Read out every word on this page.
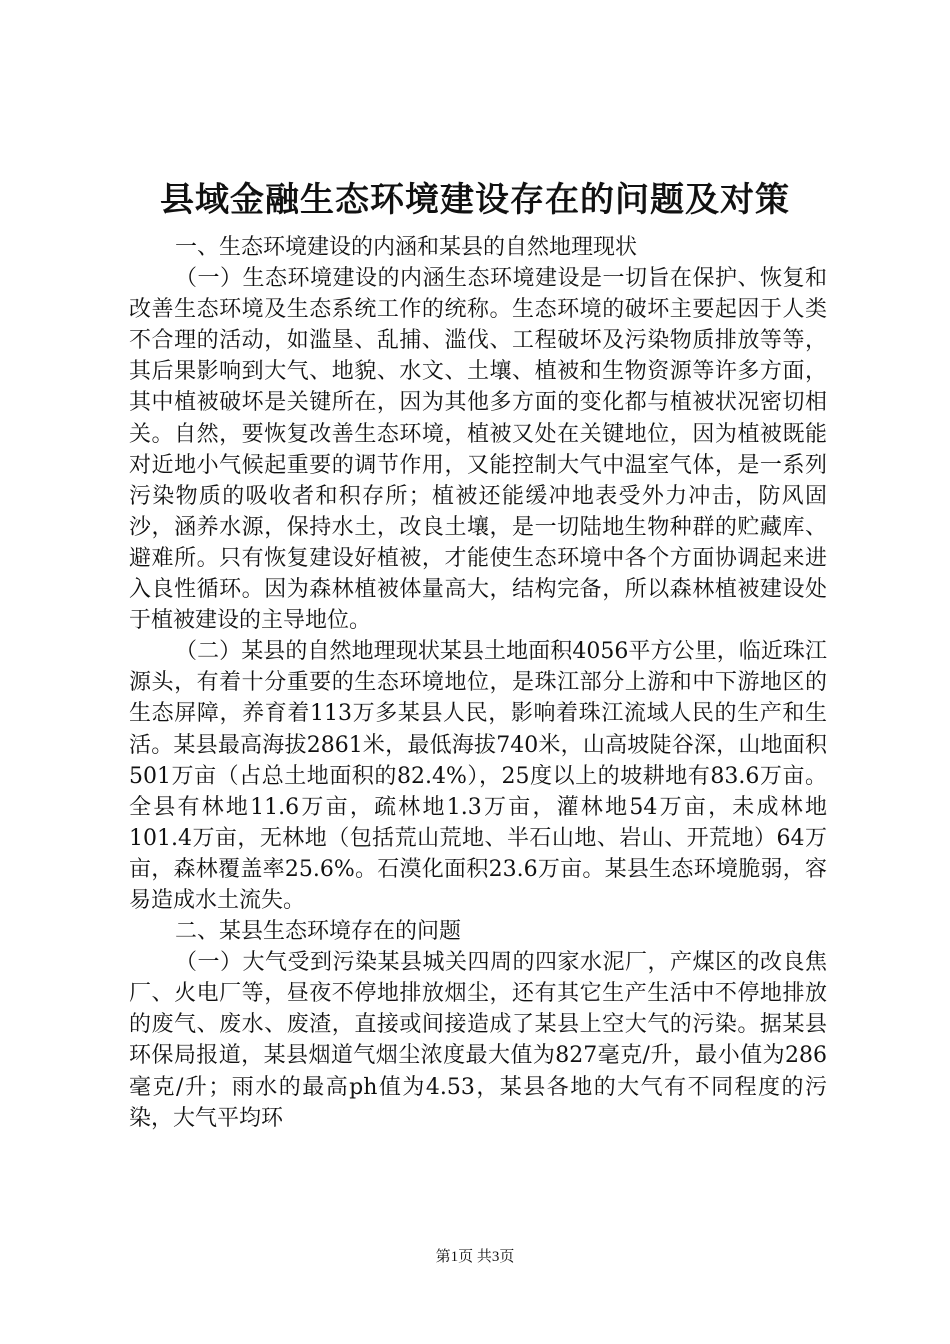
县域金融生态环境建设存在的问题及对策

一、生态环境建设的内涵和某县的自然地理现状

（一）生态环境建设的内涵生态环境建设是一切旨在保护、恢复和改善生态环境及生态系统工作的统称。生态环境的破坏主要起因于人类不合理的活动，如滥垦、乱捕、滥伐、工程破坏及污染物质排放等等，其后果影响到大气、地貌、水文、土壤、植被和生物资源等许多方面，其中植被破坏是关键所在，因为其他多方面的变化都与植被状况密切相关。自然，要恢复改善生态环境，植被又处在关键地位，因为植被既能对近地小气候起重要的调节作用，又能控制大气中温室气体，是一系列污染物质的吸收者和积存所；植被还能缓冲地表受外力冲击，防风固沙，涵养水源，保持水土，改良土壤，是一切陆地生物种群的贮藏库、避难所。只有恢复建设好植被，才能使生态环境中各个方面协调起来进入良性循环。因为森林植被体量高大，结构完备，所以森林植被建设处于植被建设的主导地位。

（二）某县的自然地理现状某县土地面积4056平方公里，临近珠江源头，有着十分重要的生态环境地位，是珠江部分上游和中下游地区的生态屏障，养育着113万多某县人民，影响着珠江流域人民的生产和生活。某县最高海拔2861米，最低海拔740米，山高坡陡谷深，山地面积501万亩（占总土地面积的82.4%），25度以上的坡耕地有83.6万亩。全县有林地11.6万亩，疏林地1.3万亩，灌林地54万亩，未成林地101.4万亩，无林地（包括荒山荒地、半石山地、岩山、开荒地）64万亩，森林覆盖率25.6%。石漠化面积23.6万亩。某县生态环境脆弱，容易造成水土流失。

二、某县生态环境存在的问题

（一）大气受到污染某县城关四周的四家水泥厂，产煤区的改良焦厂、火电厂等，昼夜不停地排放烟尘，还有其它生产生活中不停地排放的废气、废水、废渣，直接或间接造成了某县上空大气的污染。据某县环保局报道，某县烟道气烟尘浓度最大值为827毫克/升，最小值为286毫克/升；雨水的最高ph值为4.53，某县各地的大气有不同程度的污染，大气平均环

第1页 共3页
